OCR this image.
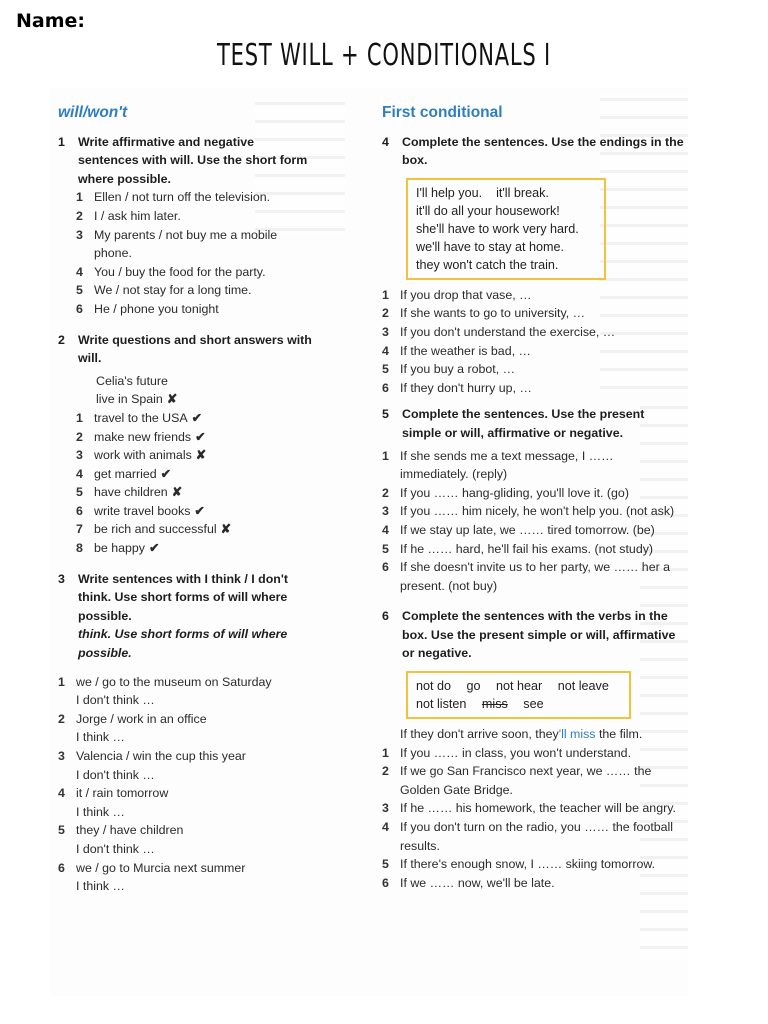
Name:
TEST WILL + CONDITIONALS I
will/won't
1	Write affirmative and negative sentences with will. Use the short form where possible.
1 Ellen / not turn off the television.
2 I / ask him later.
3 My parents / not buy me a mobile phone.
4 You / buy the food for the party.
5 We / not stay for a long time.
6 He / phone you tonight
2	Write questions and short answers with will.
Celia's future
live in Spain ✘
1 travel to the USA ✔
2 make new friends ✔
3 work with animals ✘
4 get married ✔
5 have children ✘
6 write travel books ✔
7 be rich and successful ✘
8 be happy ✔
3	Write sentences with I think / I don't think. Use short forms of will where possible.
think. Use short forms of will where possible.
1 we / go to the museum on Saturday
I don't think …
2 Jorge / work in an office
I think …
3 Valencia / win the cup this year
I don't think …
4 it / rain tomorrow
I think …
5 they / have children
I don't think …
6 we / go to Murcia next summer
I think …
First conditional
4	Complete the sentences. Use the endings in the box.
I'll help you.    it'll break.
it'll do all your housework!
she'll have to work very hard.
we'll have to stay at home.
they won't catch the train.
1 If you drop that vase, …
2 If she wants to go to university, …
3 If you don't understand the exercise, …
4 If the weather is bad, …
5 If you buy a robot, …
6 If they don't hurry up, …
5	Complete the sentences. Use the present simple or will, affirmative or negative.
1 If she sends me a text message, I …… immediately. (reply)
2 If you …… hang-gliding, you'll love it. (go)
3 If you …… him nicely, he won't help you. (not ask)
4 If we stay up late, we …… tired tomorrow. (be)
5 If he …… hard, he'll fail his exams. (not study)
6 If she doesn't invite us to her party, we …… her a present. (not buy)
6	Complete the sentences with the verbs in the box. Use the present simple or will, affirmative or negative.
not do go not hear not leave
not listen miss see
If they don't arrive soon, they'll miss the film.
1 If you …… in class, you won't understand.
2 If we go San Francisco next year, we …… the Golden Gate Bridge.
3 If he …… his homework, the teacher will be angry.
4 If you don't turn on the radio, you …… the football results.
5 If there's enough snow, I …… skiing tomorrow.
6 If we …… now, we'll be late.
